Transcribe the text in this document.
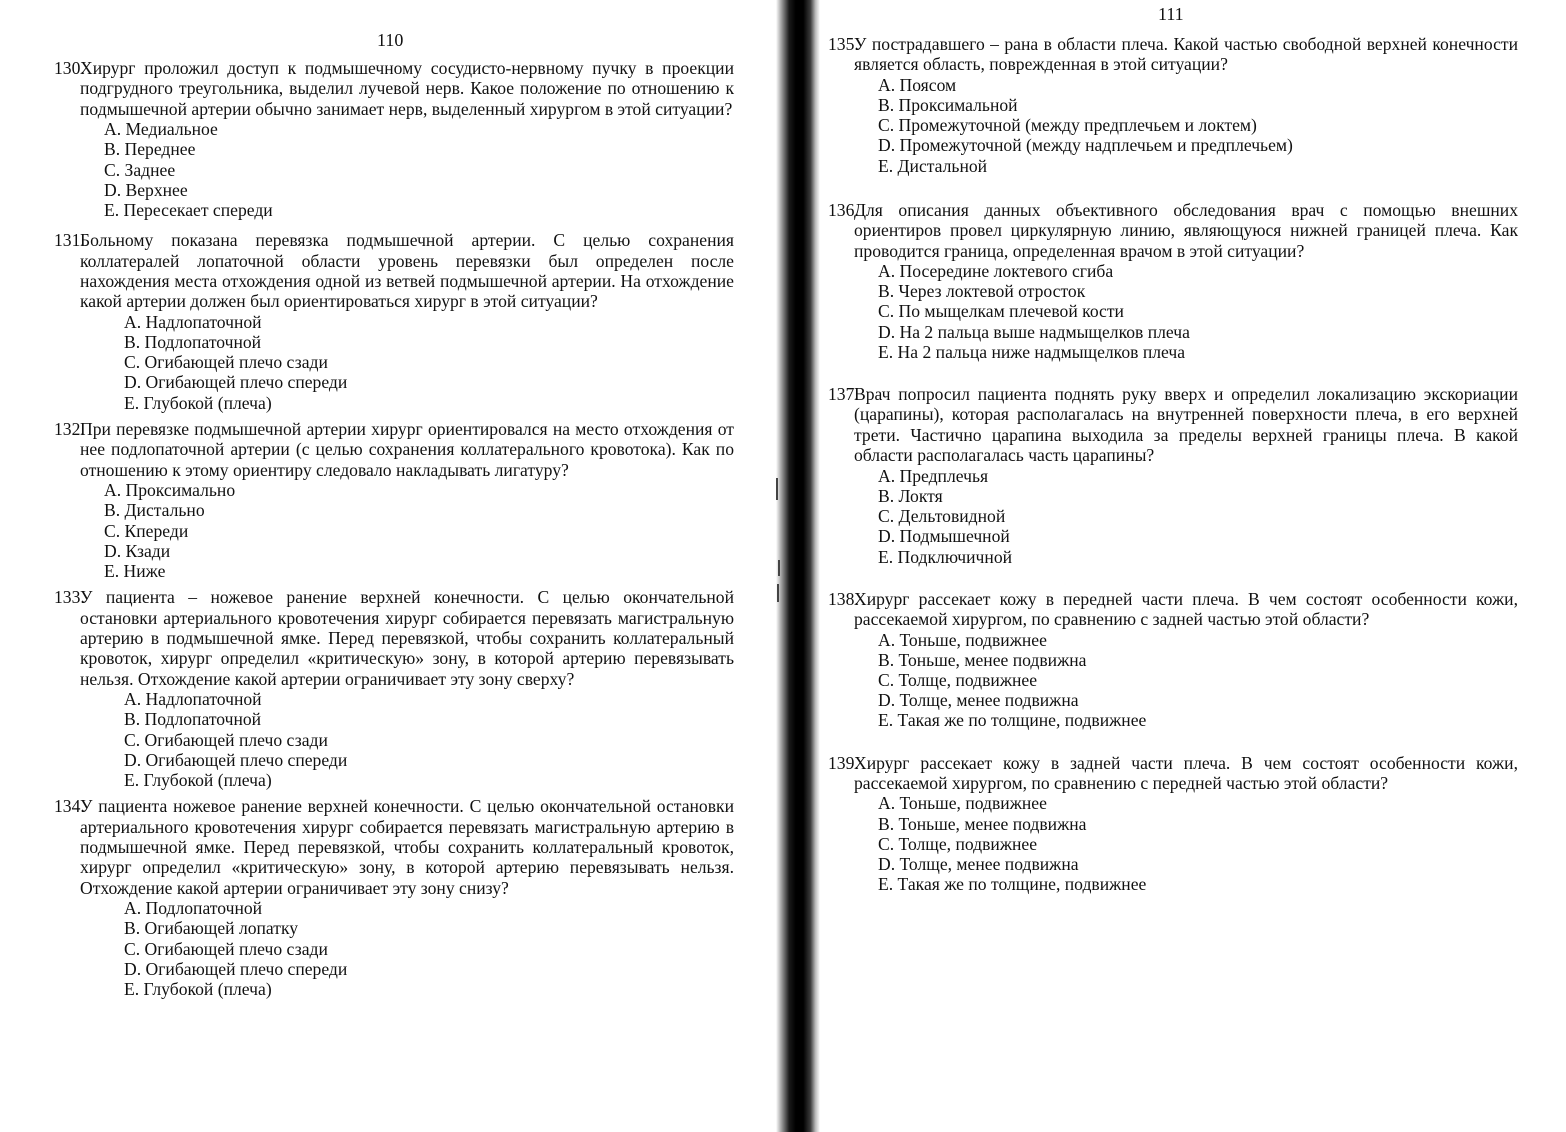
110

130.Хирург проложил доступ к подмышечному сосудисто-нервному пучку в проекции подгрудного треугольника, выделил лучевой нерв. Какое положение по отношению к подмышечной артерии обычно занимает нерв, выделенный хирургом в этой ситуации?

A. Медиальное
B. Переднее
C. Заднее
D. Верхнее
E. Пересекает спереди

131.Больному показана перевязка подмышечной артерии. С целью сохранения коллатералей лопаточной области уровень перевязки был определен после нахождения места отхождения одной из ветвей подмышечной артерии. На отхождение какой артерии должен был ориентироваться хирург в этой ситуации?

A. Надлопаточной
B. Подлопаточной
C. Огибающей плечо сзади
D. Огибающей плечо спереди
E. Глубокой (плеча)

132.При перевязке подмышечной артерии хирург ориентировался на место отхождения от нее подлопаточной артерии (с целью сохранения коллатерального кровотока). Как по отношению к этому ориентиру следовало накладывать лигатуру?

A. Проксимально
B. Дистально
C. Кпереди
D. Кзади
E. Ниже

133.У пациента – ножевое ранение верхней конечности. С целью окончательной остановки артериального кровотечения хирург собирается перевязать магистральную артерию в подмышечной ямке. Перед перевязкой, чтобы сохранить коллатеральный кровоток, хирург определил «критическую» зону, в которой артерию перевязывать нельзя. Отхождение какой артерии ограничивает эту зону сверху?

A. Надлопаточной
B. Подлопаточной
C. Огибающей плечо сзади
D. Огибающей плечо спереди
E. Глубокой (плеча)

134.У пациента ножевое ранение верхней конечности. С целью окончательной остановки артериального кровотечения хирург собирается перевязать магистральную артерию в подмышечной ямке. Перед перевязкой, чтобы сохранить коллатеральный кровоток, хирург определил «критическую» зону, в которой артерию перевязывать нельзя. Отхождение какой артерии ограничивает эту зону снизу?

A. Подлопаточной
B. Огибающей лопатку
C. Огибающей плечо сзади
D. Огибающей плечо спереди
E. Глубокой (плеча)
111

135.У пострадавшего – рана в области плеча. Какой частью свободной верхней конечности является область, поврежденная в этой ситуации?

A. Поясом
B. Проксимальной
C. Промежуточной (между предплечьем и локтем)
D. Промежуточной (между надплечьем и предплечьем)
E. Дистальной

136.Для описания данных объективного обследования врач с помощью внешних ориентиров провел циркулярную линию, являющуюся нижней границей плеча. Как проводится граница, определенная врачом в этой ситуации?

A. Посередине локтевого сгиба
B. Через локтевой отросток
C. По мыщелкам плечевой кости
D. На 2 пальца выше надмыщелков плеча
E. На 2 пальца ниже надмыщелков плеча

137.Врач попросил пациента поднять руку вверх и определил локализацию экскориации (царапины), которая располагалась на внутренней поверхности плеча, в его верхней трети. Частично царапина выходила за пределы верхней границы плеча. В какой области располагалась часть царапины?

A. Предплечья
B. Локтя
C. Дельтовидной
D. Подмышечной
E. Подключичной

138.Хирург рассекает кожу в передней части плеча. В чем состоят особенности кожи, рассекаемой хирургом, по сравнению с задней частью этой области?

A. Тоньше, подвижнее
B. Тоньше, менее подвижна
C. Толще, подвижнее
D. Толще, менее подвижна
E. Такая же по толщине, подвижнее

139.Хирург рассекает кожу в задней части плеча. В чем состоят особенности кожи, рассекаемой хирургом, по сравнению с передней частью этой области?

A. Тоньше, подвижнее
B. Тоньше, менее подвижна
C. Толще, подвижнее
D. Толще, менее подвижна
E. Такая же по толщине, подвижнее
